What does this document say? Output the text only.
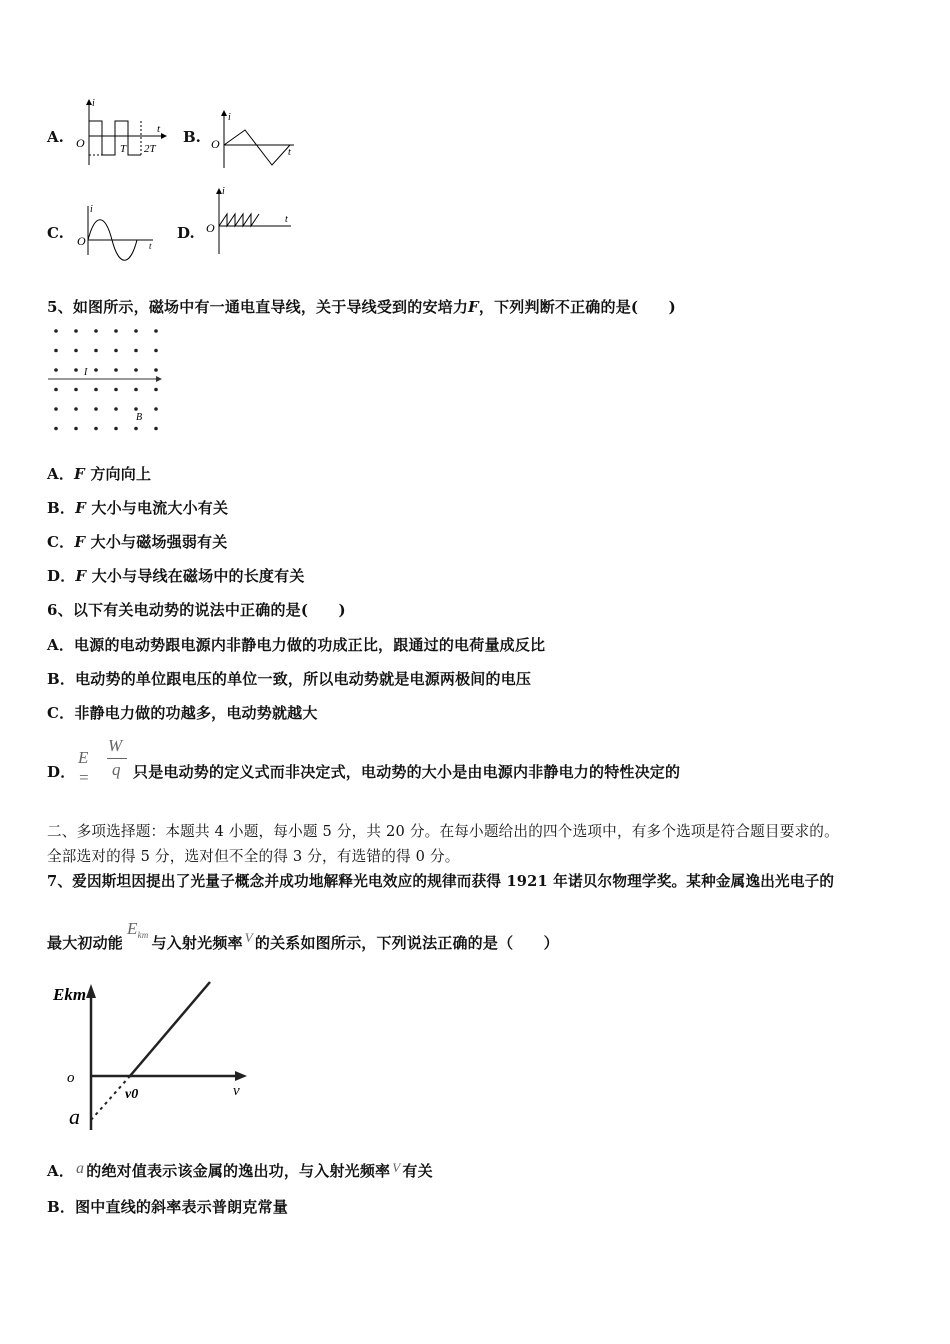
A.
i
t
O	T 2T
B.
i
t
O
C.
i
t
O	D.
i
t
O
5、如图所示，磁场中有一通电直导线，关于导线受到的安培力F，下列判断不正确的是(　　)
I
B
A．F 方向向上
B．F 大小与电流大小有关
C．F 大小与磁场强弱有关
D．F 大小与导线在磁场中的长度有关
6、以下有关电动势的说法中正确的是(　　)
A．电源的电动势跟电源内非静电力做的功成正比，跟通过的电荷量成反比
B．电动势的单位跟电压的单位一致，所以电动势就是电源两极间的电压
C．非静电力做的功越多，电动势就越大
D．
E =
W
q 只是电动势的定义式而非决定式，电动势的大小是由电源内非静电力的特性决定的
二、多项选择题：本题共 4 小题，每小题 5 分，共 20 分。在每小题给出的四个选项中，有多个选项是符合题目要求的。
全部选对的得 5 分，选对但不全的得 3 分，有选错的得 0 分。
7、爱因斯坦因提出了光量子概念并成功地解释光电效应的规律而获得 1921 年诺贝尔物理学奖。某种金属逸出光电子的
最大初动能$E^{km}$ 与入射光频率 V 的关系如图所示，下列说法正确的是（　　）
Ekm
o
v0	v
a
A． a 的绝对值表示该金属的逸出功，与入射光频率 V 有关
B．图中直线的斜率表示普朗克常量
